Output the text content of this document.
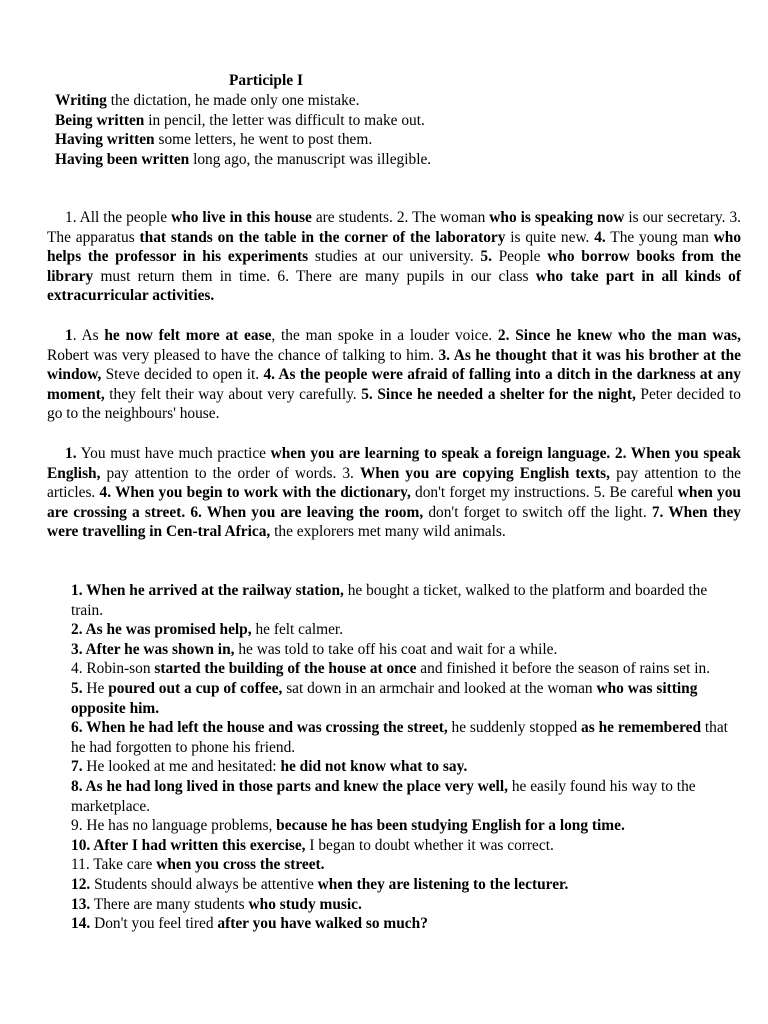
Participle I
Writing the dictation, he made only one mistake.
Being written in pencil, the letter was difficult to make out.
Having written some letters, he went to post them.
Having been written long ago, the manuscript was illegible.
1. All the people who live in this house are students. 2. The woman who is speaking now is our secretary. 3. The apparatus that stands on the table in the corner of the laboratory is quite new. 4. The young man who helps the professor in his experiments studies at our university. 5. People who borrow books from the library must return them in time. 6. There are many pupils in our class who take part in all kinds of extracurricular activities.
1. As he now felt more at ease, the man spoke in a louder voice. 2. Since he knew who the man was, Robert was very pleased to have the chance of talking to him. 3. As he thought that it was his brother at the window, Steve decided to open it. 4. As the people were afraid of falling into a ditch in the darkness at any moment, they felt their way about very carefully. 5. Since he needed a shelter for the night, Peter decided to go to the neighbours' house.
1. You must have much practice when you are learning to speak a foreign language. 2. When you speak English, pay attention to the order of words. 3. When you are copying English texts, pay attention to the articles. 4. When you begin to work with the dictionary, don't forget my instructions. 5. Be careful when you are crossing a street. 6. When you are leaving the room, don't forget to switch off the light. 7. When they were travelling in Cen-tral Africa, the explorers met many wild animals.
1. When he arrived at the railway station, he bought a ticket, walked to the platform and boarded the train.
2. As he was promised help, he felt calmer.
3. After he was shown in, he was told to take off his coat and wait for a while.
4. Robin-son started the building of the house at once and finished it before the season of rains set in.
5. He poured out a cup of coffee, sat down in an armchair and looked at the woman who was sitting opposite him.
6. When he had left the house and was crossing the street, he suddenly stopped as he remembered that he had forgotten to phone his friend.
7. He looked at me and hesitated: he did not know what to say.
8. As he had long lived in those parts and knew the place very well, he easily found his way to the marketplace.
9. He has no language problems, because he has been studying English for a long time.
10. After I had written this exercise, I began to doubt whether it was correct.
11. Take care when you cross the street.
12. Students should always be attentive when they are listening to the lecturer.
13. There are many students who study music.
14. Don't you feel tired after you have walked so much?
